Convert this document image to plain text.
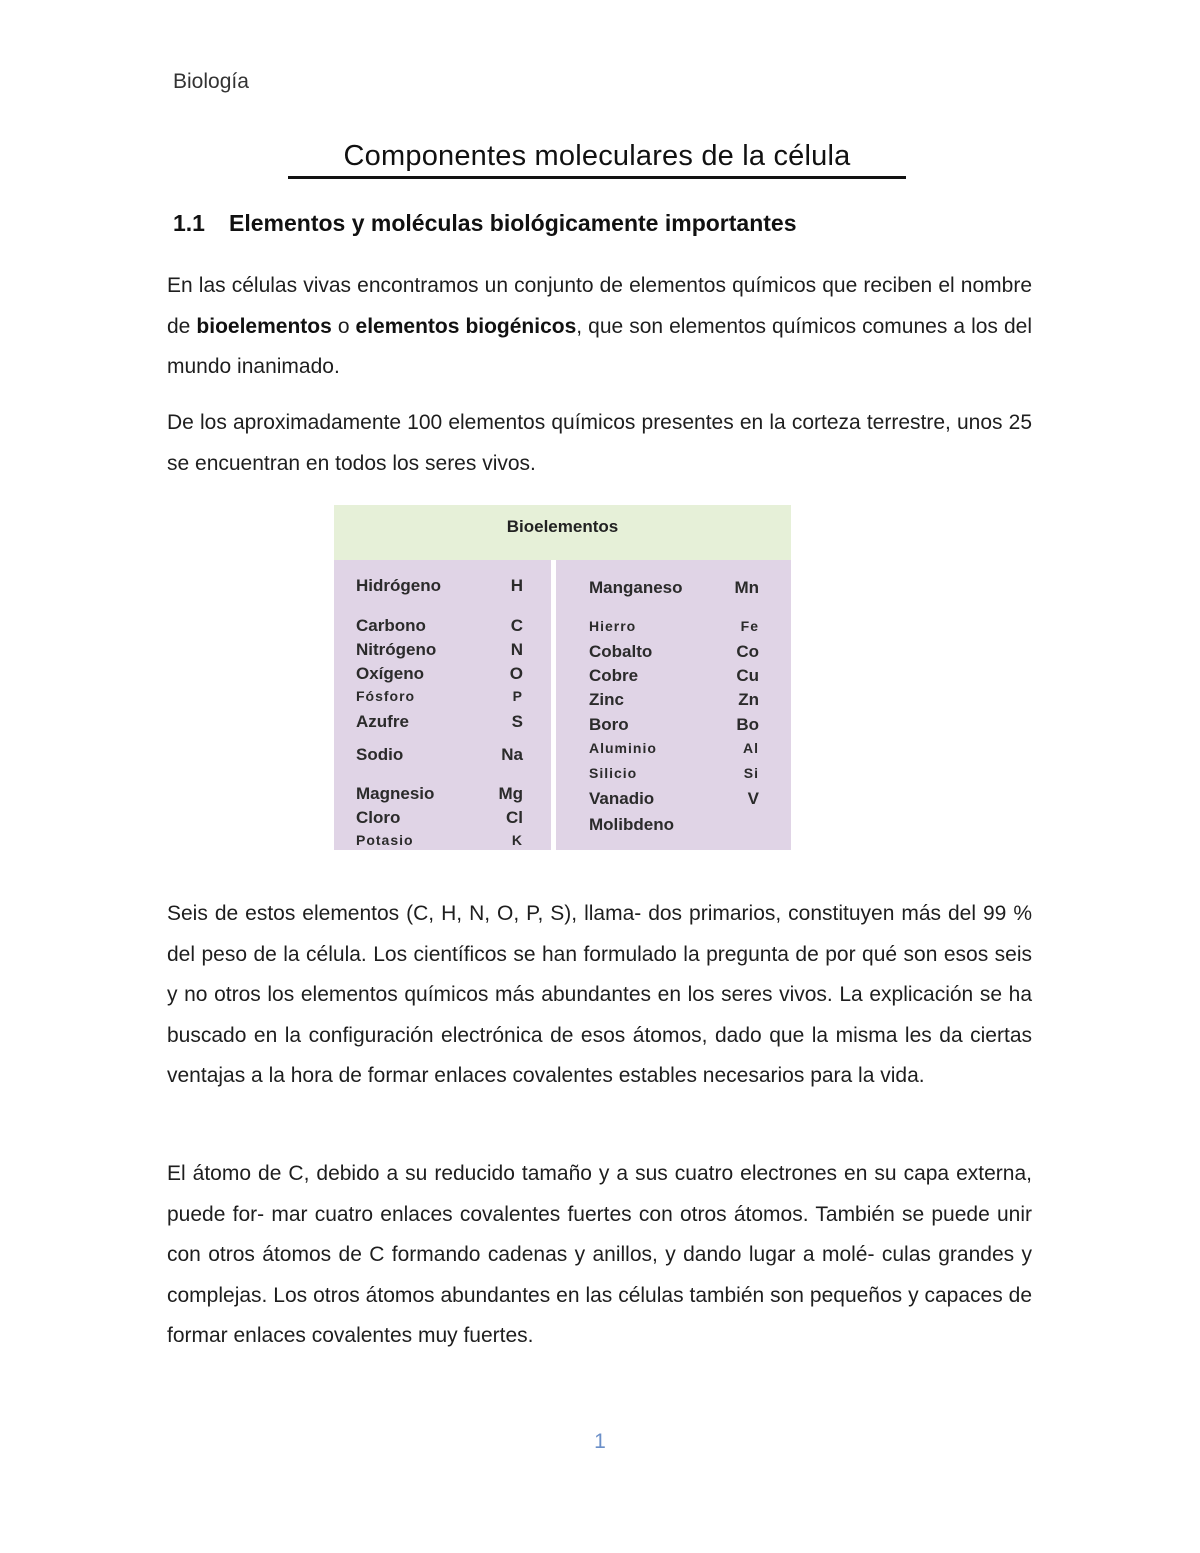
Biología
Componentes moleculares de la célula
1.1 Elementos y moléculas biológicamente importantes

En las células vivas encontramos un conjunto de elementos químicos que reciben el nombre de bioelementos o elementos biogénicos, que son elementos químicos comunes a los del mundo inanimado.

De los aproximadamente 100 elementos químicos presentes en la corteza terrestre, unos 25 se encuentran en todos los seres vivos.

Bioelementos
Hidrógeno	H
Carbono	C
Nitrógeno	N
Oxígeno	O
Fósforo	P
Azufre	S
Sodio	Na
Magnesio	Mg
Cloro	Cl
Potasio	K
Manganeso	Mn
Hierro	Fe
Cobalto	Co
Cobre	Cu
Zinc	Zn
Boro	Bo
Aluminio	Al
Silicio	Si
Vanadio	V
Molibdeno

Seis de estos elementos (C, H, N, O, P, S), llama- dos primarios, constituyen más del 99 % del peso de la célula. Los científicos se han formulado la pregunta de por qué son esos seis y no otros los elementos químicos más abundantes en los seres vivos. La explicación se ha buscado en la configuración electrónica de esos átomos, dado que la misma les da ciertas ventajas a la hora de formar enlaces covalentes estables necesarios para la vida.

El átomo de C, debido a su reducido tamaño y a sus cuatro electrones en su capa externa, puede for- mar cuatro enlaces covalentes fuertes con otros átomos. También se puede unir con otros átomos de C formando cadenas y anillos, y dando lugar a molé- culas grandes y complejas. Los otros átomos abundantes en las células también son pequeños y capaces de formar enlaces covalentes muy fuertes.

1
